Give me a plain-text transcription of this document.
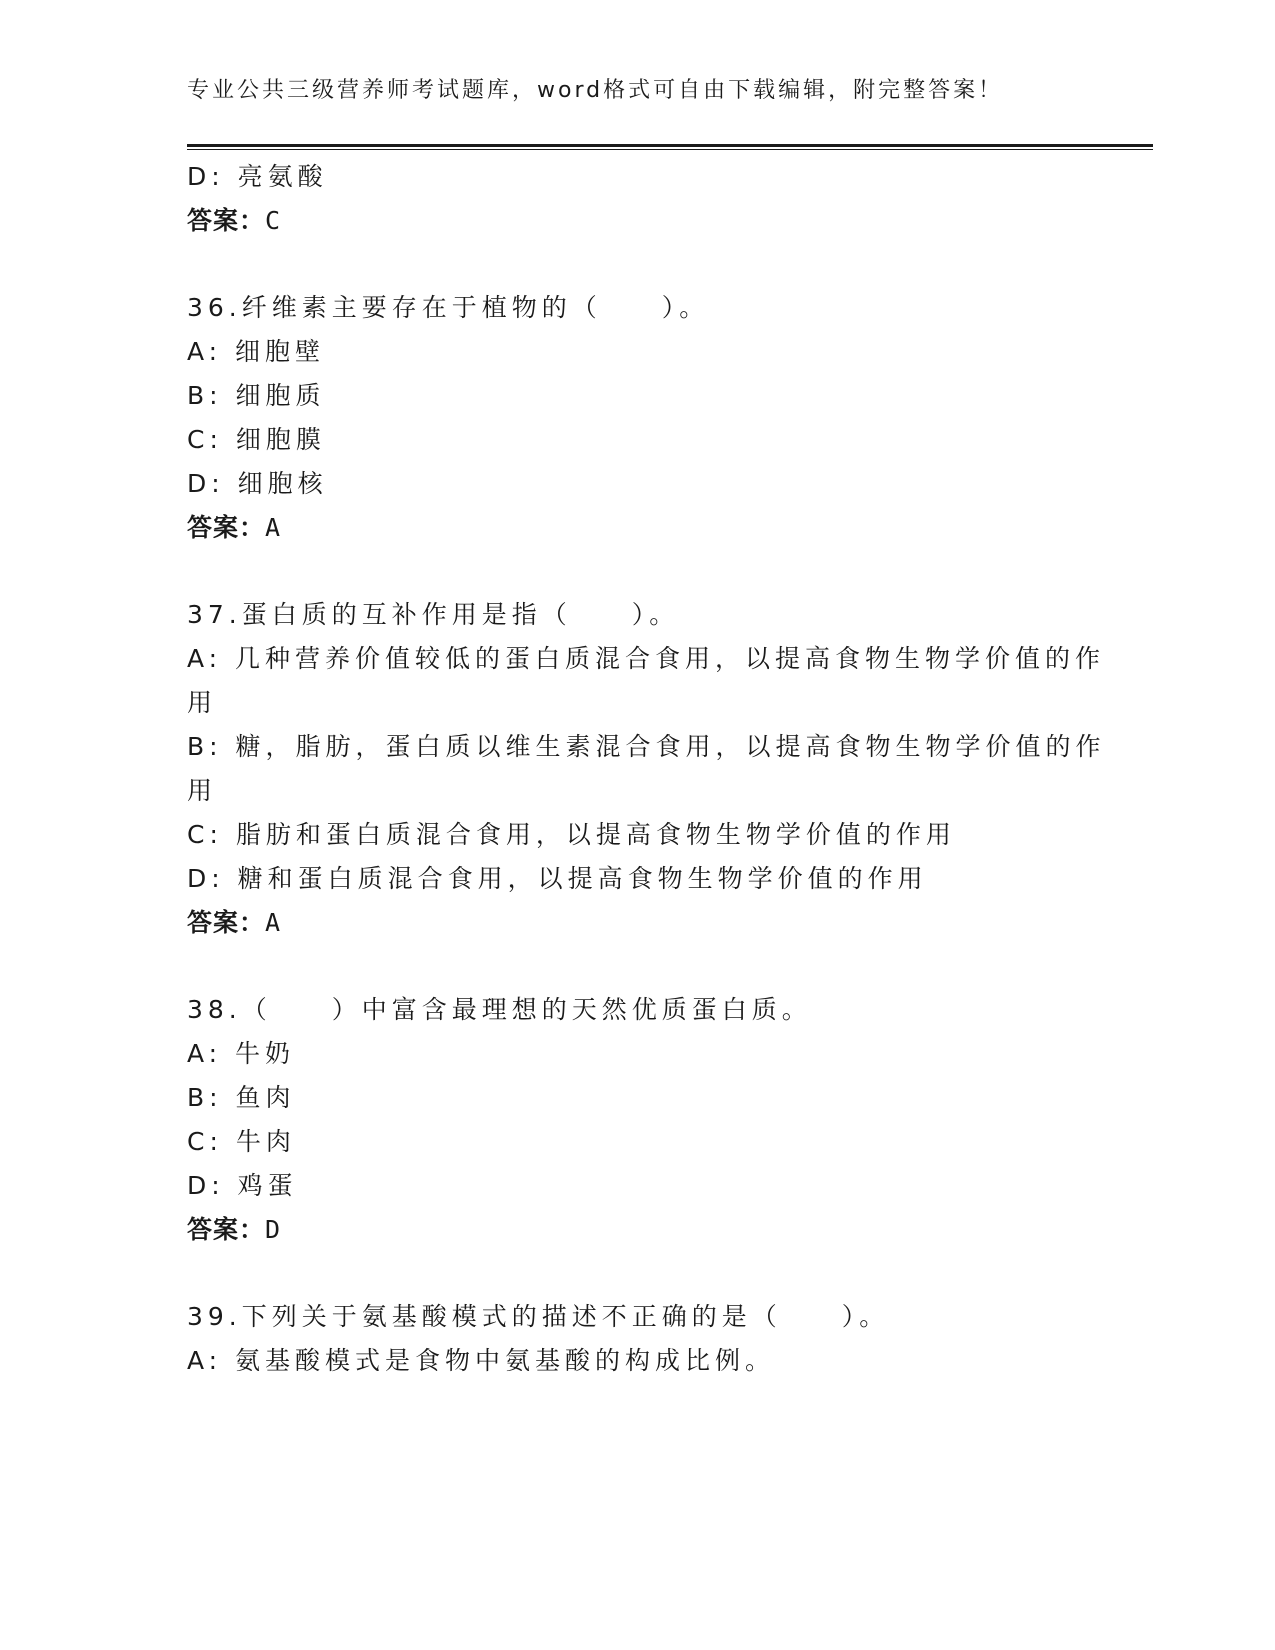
专业公共三级营养师考试题库，word格式可自由下载编辑，附完整答案！
D: 亮氨酸
答案：C
36.纤维素主要存在于植物的（　　）。
A: 细胞壁
B: 细胞质
C: 细胞膜
D: 细胞核
答案：A
37.蛋白质的互补作用是指（　　）。
A: 几种营养价值较低的蛋白质混合食用，以提高食物生物学价值的作
用
B: 糖，脂肪，蛋白质以维生素混合食用，以提高食物生物学价值的作
用
C: 脂肪和蛋白质混合食用，以提高食物生物学价值的作用
D: 糖和蛋白质混合食用，以提高食物生物学价值的作用
答案：A
38.（　　）中富含最理想的天然优质蛋白质。
A: 牛奶
B: 鱼肉
C: 牛肉
D: 鸡蛋
答案：D
39.下列关于氨基酸模式的描述不正确的是（　　）。
A: 氨基酸模式是食物中氨基酸的构成比例。
